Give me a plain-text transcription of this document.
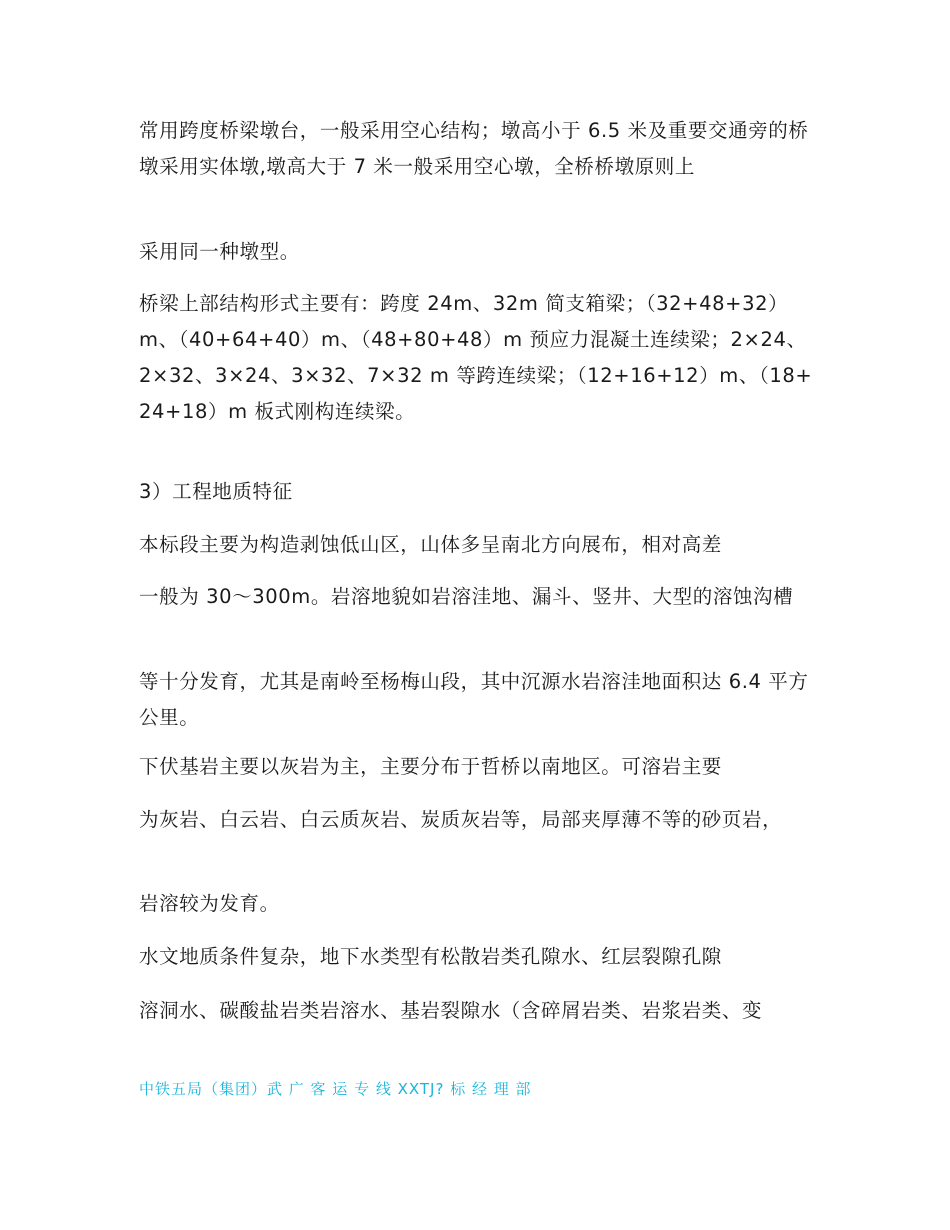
常用跨度桥梁墩台，一般采用空心结构；墩高小于 6.5 米及重要交通旁的桥墩采用实体墩,墩高大于 7 米一般采用空心墩，全桥桥墩原则上

采用同一种墩型。

桥梁上部结构形式主要有：跨度 24m、32m 简支箱梁；（32+48+32）m、（40+64+40）m、（48+80+48）m 预应力混凝土连续梁；2×24、2×32、3×24、3×32、7×32 m 等跨连续梁；（12+16+12）m、（18+24+18）m 板式刚构连续梁。

3）工程地质特征

本标段主要为构造剥蚀低山区，山体多呈南北方向展布，相对高差

一般为 30～300m。岩溶地貌如岩溶洼地、漏斗、竖井、大型的溶蚀沟槽

等十分发育，尤其是南岭至杨梅山段，其中沉源水岩溶洼地面积达 6.4 平方公里。

下伏基岩主要以灰岩为主，主要分布于哲桥以南地区。可溶岩主要

为灰岩、白云岩、白云质灰岩、炭质灰岩等，局部夹厚薄不等的砂页岩，

岩溶较为发育。

水文地质条件复杂，地下水类型有松散岩类孔隙水、红层裂隙孔隙

溶洞水、碳酸盐岩类岩溶水、基岩裂隙水（含碎屑岩类、岩浆岩类、变

中铁五局（集团）武 广 客 运 专 线 XXTJ? 标 经 理 部
